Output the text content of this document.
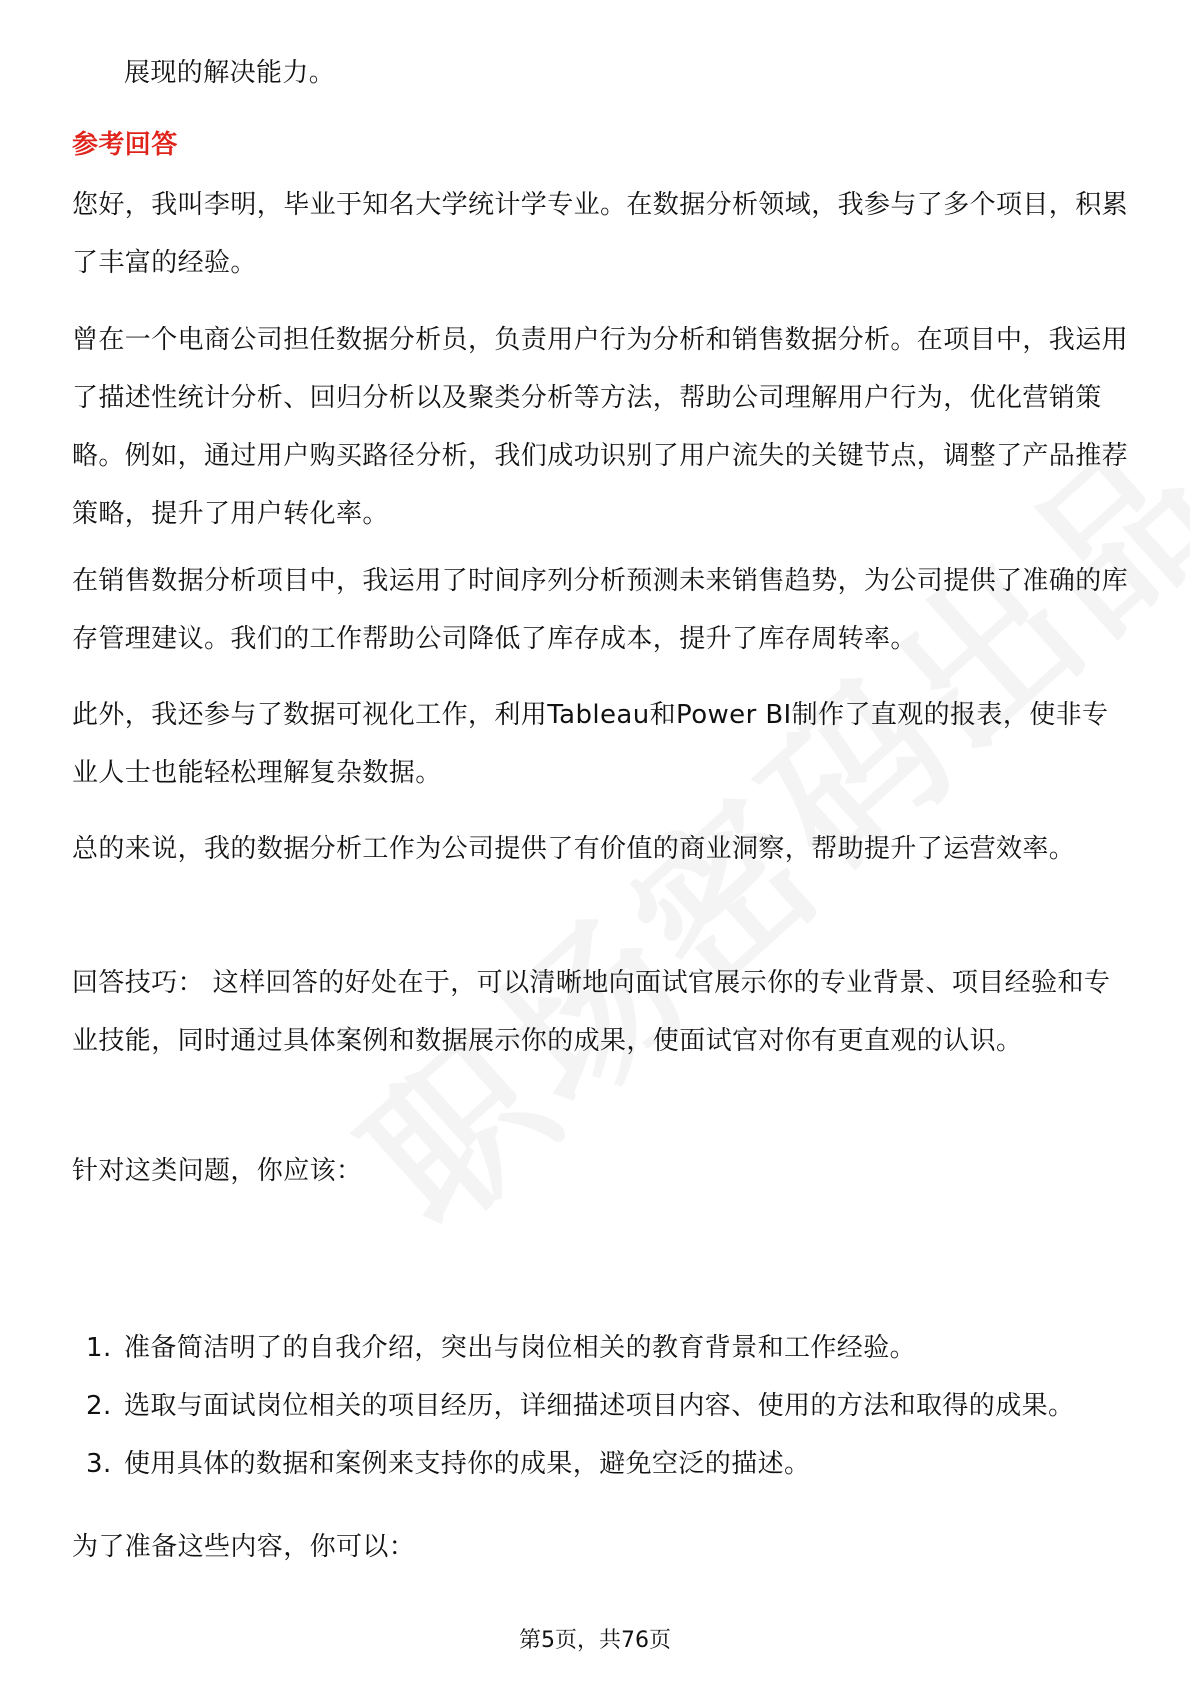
展现的解决能力。
参考回答
您好，我叫李明，毕业于知名大学统计学专业。在数据分析领域，我参与了多个项目，积累了丰富的经验。
曾在一个电商公司担任数据分析员，负责用户行为分析和销售数据分析。在项目中，我运用了描述性统计分析、回归分析以及聚类分析等方法，帮助公司理解用户行为，优化营销策略。例如，通过用户购买路径分析，我们成功识别了用户流失的关键节点，调整了产品推荐策略，提升了用户转化率。
在销售数据分析项目中，我运用了时间序列分析预测未来销售趋势，为公司提供了准确的库存管理建议。我们的工作帮助公司降低了库存成本，提升了库存周转率。
此外，我还参与了数据可视化工作，利用Tableau和Power BI制作了直观的报表，使非专业人士也能轻松理解复杂数据。
总的来说，我的数据分析工作为公司提供了有价值的商业洞察，帮助提升了运营效率。
回答技巧： 这样回答的好处在于，可以清晰地向面试官展示你的专业背景、项目经验和专业技能，同时通过具体案例和数据展示你的成果，使面试官对你有更直观的认识。
针对这类问题，你应该：
1. 准备简洁明了的自我介绍，突出与岗位相关的教育背景和工作经验。
2. 选取与面试岗位相关的项目经历，详细描述项目内容、使用的方法和取得的成果。
3. 使用具体的数据和案例来支持你的成果，避免空泛的描述。
为了准备这些内容，你可以：
第5页，共76页
